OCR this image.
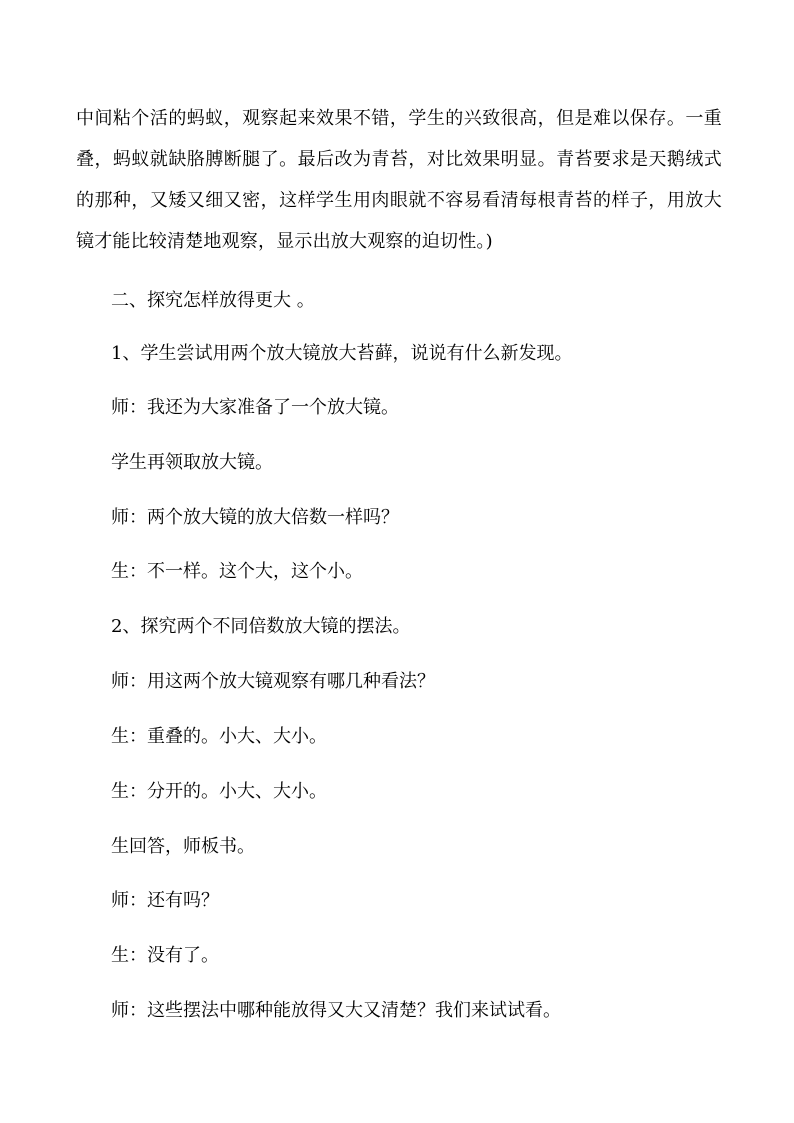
中间粘个活的蚂蚁，观察起来效果不错，学生的兴致很高，但是难以保存。一重叠，蚂蚁就缺胳膊断腿了。最后改为青苔，对比效果明显。青苔要求是天鹅绒式的那种，又矮又细又密，这样学生用肉眼就不容易看清每根青苔的样子，用放大镜才能比较清楚地观察，显示出放大观察的迫切性。)

二、探究怎样放得更大 。

1、学生尝试用两个放大镜放大苔藓，说说有什么新发现。

师：我还为大家准备了一个放大镜。

学生再领取放大镜。

师：两个放大镜的放大倍数一样吗？

生：不一样。这个大，这个小。

2、探究两个不同倍数放大镜的摆法。

师：用这两个放大镜观察有哪几种看法？

生：重叠的。小大、大小。

生：分开的。小大、大小。

生回答，师板书。

师：还有吗？

生：没有了。

师：这些摆法中哪种能放得又大又清楚？我们来试试看。
